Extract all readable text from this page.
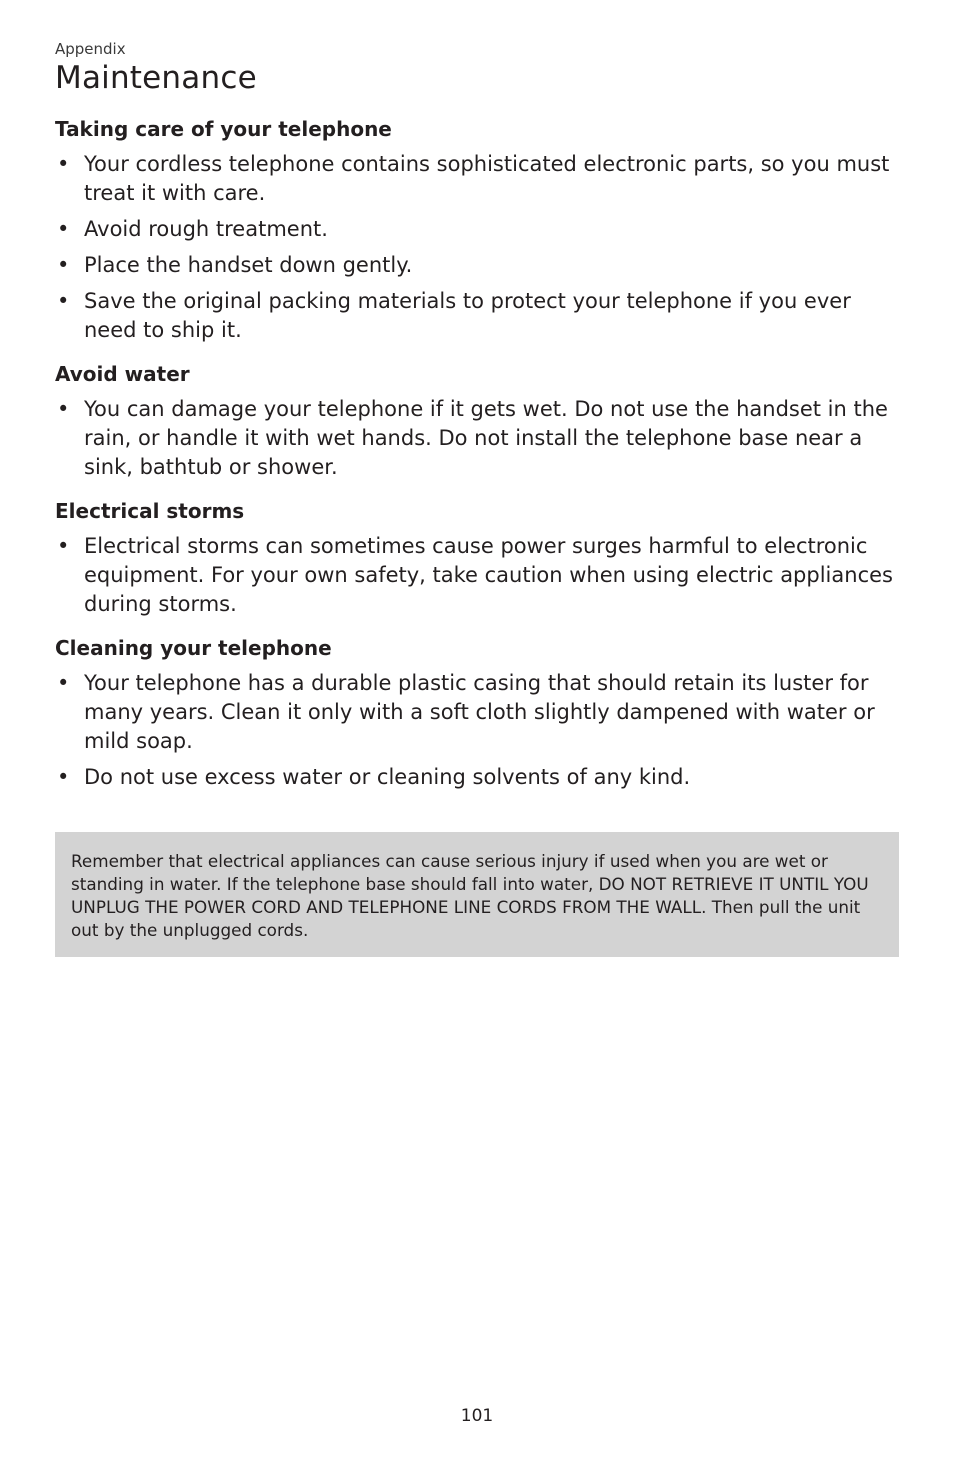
Appendix

Maintenance
Taking care of your telephone
• Your cordless telephone contains sophisticated electronic parts, so you must treat it with care.
• Avoid rough treatment.
• Place the handset down gently.
• Save the original packing materials to protect your telephone if you ever need to ship it.
Avoid water
• You can damage your telephone if it gets wet. Do not use the handset in the rain, or handle it with wet hands. Do not install the telephone base near a sink, bathtub or shower.
Electrical storms
• Electrical storms can sometimes cause power surges harmful to electronic equipment. For your own safety, take caution when using electric appliances during storms.
Cleaning your telephone
• Your telephone has a durable plastic casing that should retain its luster for many years. Clean it only with a soft cloth slightly dampened with water or mild soap.
• Do not use excess water or cleaning solvents of any kind.
Remember that electrical appliances can cause serious injury if used when you are wet or standing in water. If the telephone base should fall into water, DO NOT RETRIEVE IT UNTIL YOU UNPLUG THE POWER CORD AND TELEPHONE LINE CORDS FROM THE WALL. Then pull the unit out by the unplugged cords.
101
